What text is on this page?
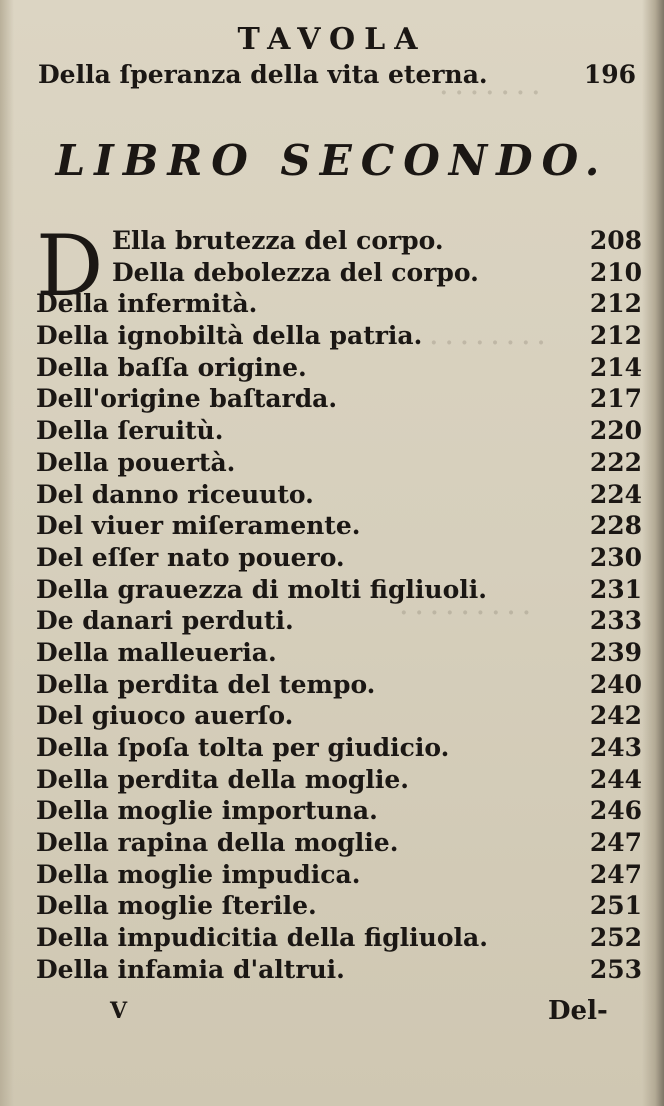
· · · · · · ·
· · · · · · · ·
· · · · · · · · ·
TAVOLA
Della ſperanza della vita eterna.	196
LIBRO SECONDO.
D Ella brutezza del corpo.	208
Della debolezza del corpo.	210
Della infermità.	212
Della ignobiltà della patria.	212
Della baſſa origine.	214
Dell'origine baſtarda.	217
Della ſeruitù.	220
Della pouertà.	222
Del danno riceuuto.	224
Del viuer miſeramente.	228
Del eſſer nato pouero.	230
Della grauezza di molti figliuoli.	231
De danari perduti.	233
Della malleueria.	239
Della perdita del tempo.	240
Del giuoco auerſo.	242
Della ſpoſa tolta per giudicio.	243
Della perdita della moglie.	244
Della moglie importuna.	246
Della rapina della moglie.	247
Della moglie impudica.	247
Della moglie ſterile.	251
Della impudicitia della figliuola.	252
Della infamia d'altrui.	253
V	Del-
